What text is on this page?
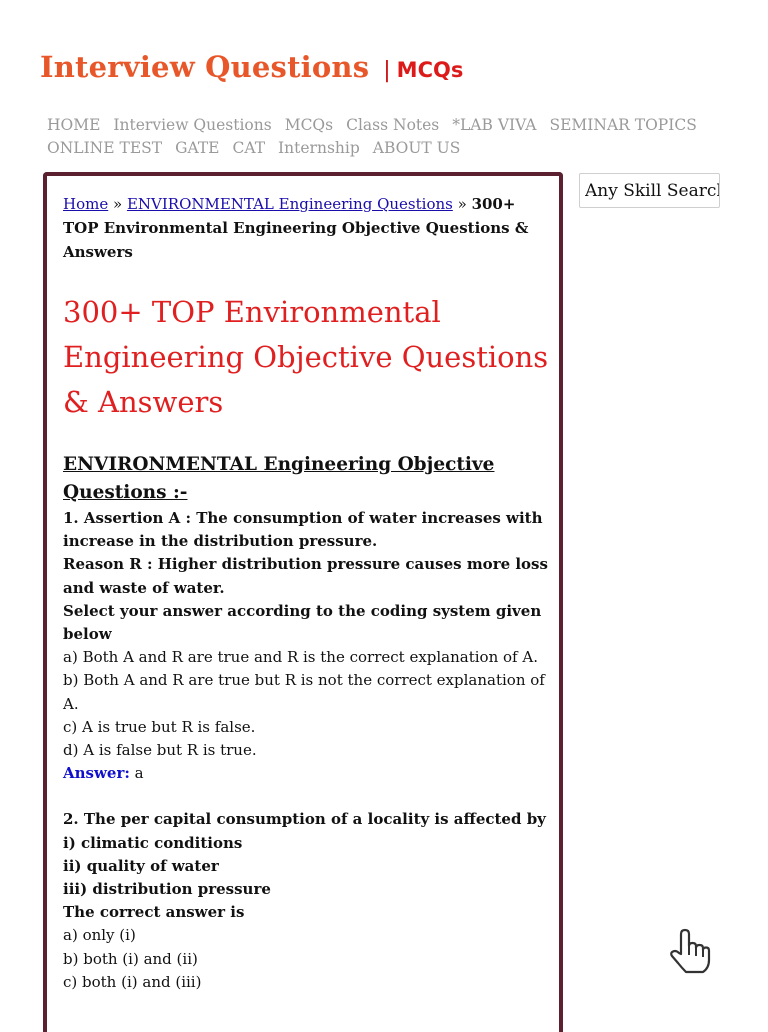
Interview Questions | MCQs
HOME Interview Questions MCQs Class Notes *LAB VIVA SEMINAR TOPICS
ONLINE TEST GATE CAT Internship ABOUT US
Home » ENVIRONMENTAL Engineering Questions » 300+ TOP Environmental Engineering Objective Questions & Answers
300+ TOP Environmental Engineering Objective Questions & Answers
ENVIRONMENTAL Engineering Objective Questions :-
1. Assertion A : The consumption of water increases with increase in the distribution pressure.
Reason R : Higher distribution pressure causes more loss and waste of water.
Select your answer according to the coding system given below
a) Both A and R are true and R is the correct explanation of A.
b) Both A and R are true but R is not the correct explanation of A.
c) A is true but R is false.
d) A is false but R is true.
Answer: a
2. The per capital consumption of a locality is affected by
i) climatic conditions
ii) quality of water
iii) distribution pressure
The correct answer is
a) only (i)
b) both (i) and (ii)
c) both (i) and (iii)
Any Skill Search
